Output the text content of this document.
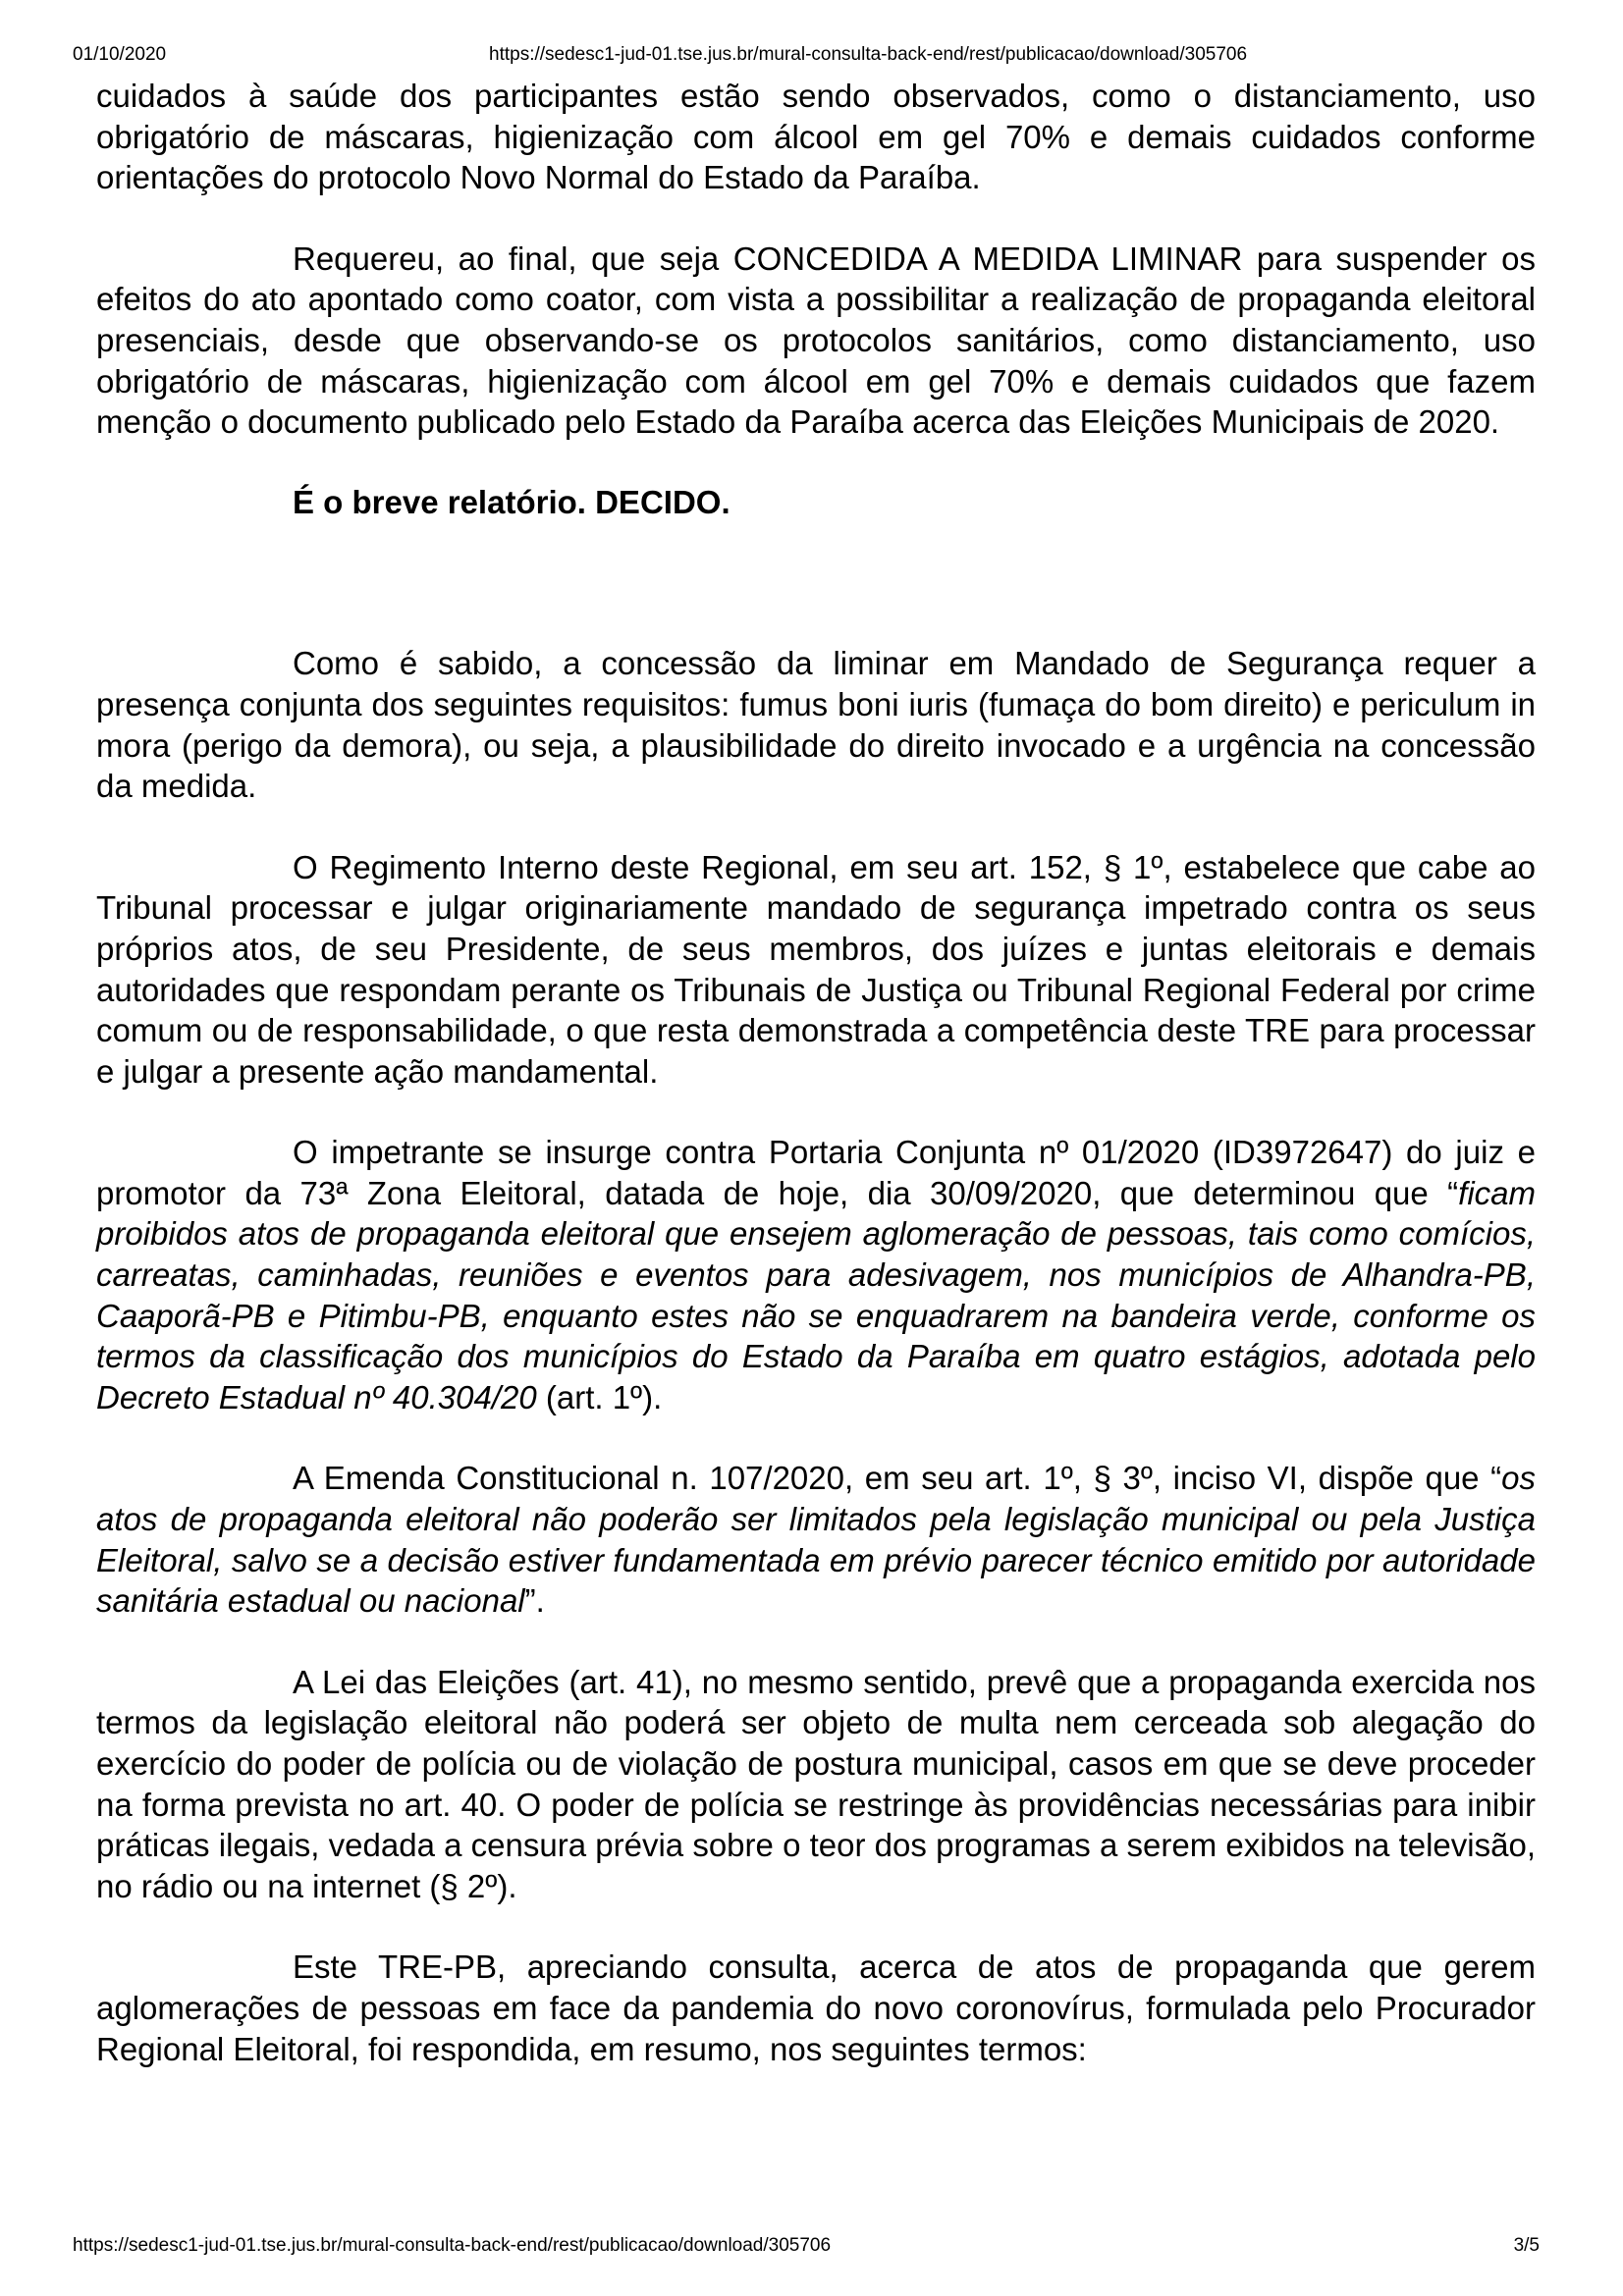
01/10/2020	https://sedesc1-jud-01.tse.jus.br/mural-consulta-back-end/rest/publicacao/download/305706

cuidados à saúde dos participantes estão sendo observados, como o distanciamento, uso obrigatório de máscaras, higienização com álcool em gel 70% e demais cuidados conforme orientações do protocolo Novo Normal do Estado da Paraíba.

Requereu, ao final, que seja CONCEDIDA A MEDIDA LIMINAR para suspender os efeitos do ato apontado como coator, com vista a possibilitar a realização de propaganda eleitoral presenciais, desde que observando-se os protocolos sanitários, como distanciamento, uso obrigatório de máscaras, higienização com álcool em gel 70% e demais cuidados que fazem menção o documento publicado pelo Estado da Paraíba acerca das Eleições Municipais de 2020.

É o breve relatório. DECIDO.

Como é sabido, a concessão da liminar em Mandado de Segurança requer a presença conjunta dos seguintes requisitos: fumus boni iuris (fumaça do bom direito) e periculum in mora (perigo da demora), ou seja, a plausibilidade do direito invocado e a urgência na concessão da medida.

O Regimento Interno deste Regional, em seu art. 152, § 1º, estabelece que cabe ao Tribunal processar e julgar originariamente mandado de segurança impetrado contra os seus próprios atos, de seu Presidente, de seus membros, dos juízes e juntas eleitorais e demais autoridades que respondam perante os Tribunais de Justiça ou Tribunal Regional Federal por crime comum ou de responsabilidade, o que resta demonstrada a competência deste TRE para processar e julgar a presente ação mandamental.

O impetrante se insurge contra Portaria Conjunta nº 01/2020 (ID3972647) do juiz e promotor da 73ª Zona Eleitoral, datada de hoje, dia 30/09/2020, que determinou que “ficam proibidos atos de propaganda eleitoral que ensejem aglomeração de pessoas, tais como comícios, carreatas, caminhadas, reuniões e eventos para adesivagem, nos municípios de Alhandra-PB, Caaporã-PB e Pitimbu-PB, enquanto estes não se enquadrarem na bandeira verde, conforme os termos da classificação dos municípios do Estado da Paraíba em quatro estágios, adotada pelo Decreto Estadual nº 40.304/20 (art. 1º).

A Emenda Constitucional n. 107/2020, em seu art. 1º, § 3º, inciso VI, dispõe que “os atos de propaganda eleitoral não poderão ser limitados pela legislação municipal ou pela Justiça Eleitoral, salvo se a decisão estiver fundamentada em prévio parecer técnico emitido por autoridade sanitária estadual ou nacional”.

A Lei das Eleições (art. 41), no mesmo sentido, prevê que a propaganda exercida nos termos da legislação eleitoral não poderá ser objeto de multa nem cerceada sob alegação do exercício do poder de polícia ou de violação de postura municipal, casos em que se deve proceder na forma prevista no art. 40. O poder de polícia se restringe às providências necessárias para inibir práticas ilegais, vedada a censura prévia sobre o teor dos programas a serem exibidos na televisão, no rádio ou na internet (§ 2º).

Este TRE-PB, apreciando consulta, acerca de atos de propaganda que gerem aglomerações de pessoas em face da pandemia do novo coronovírus, formulada pelo Procurador Regional Eleitoral, foi respondida, em resumo, nos seguintes termos:

https://sedesc1-jud-01.tse.jus.br/mural-consulta-back-end/rest/publicacao/download/305706	3/5
